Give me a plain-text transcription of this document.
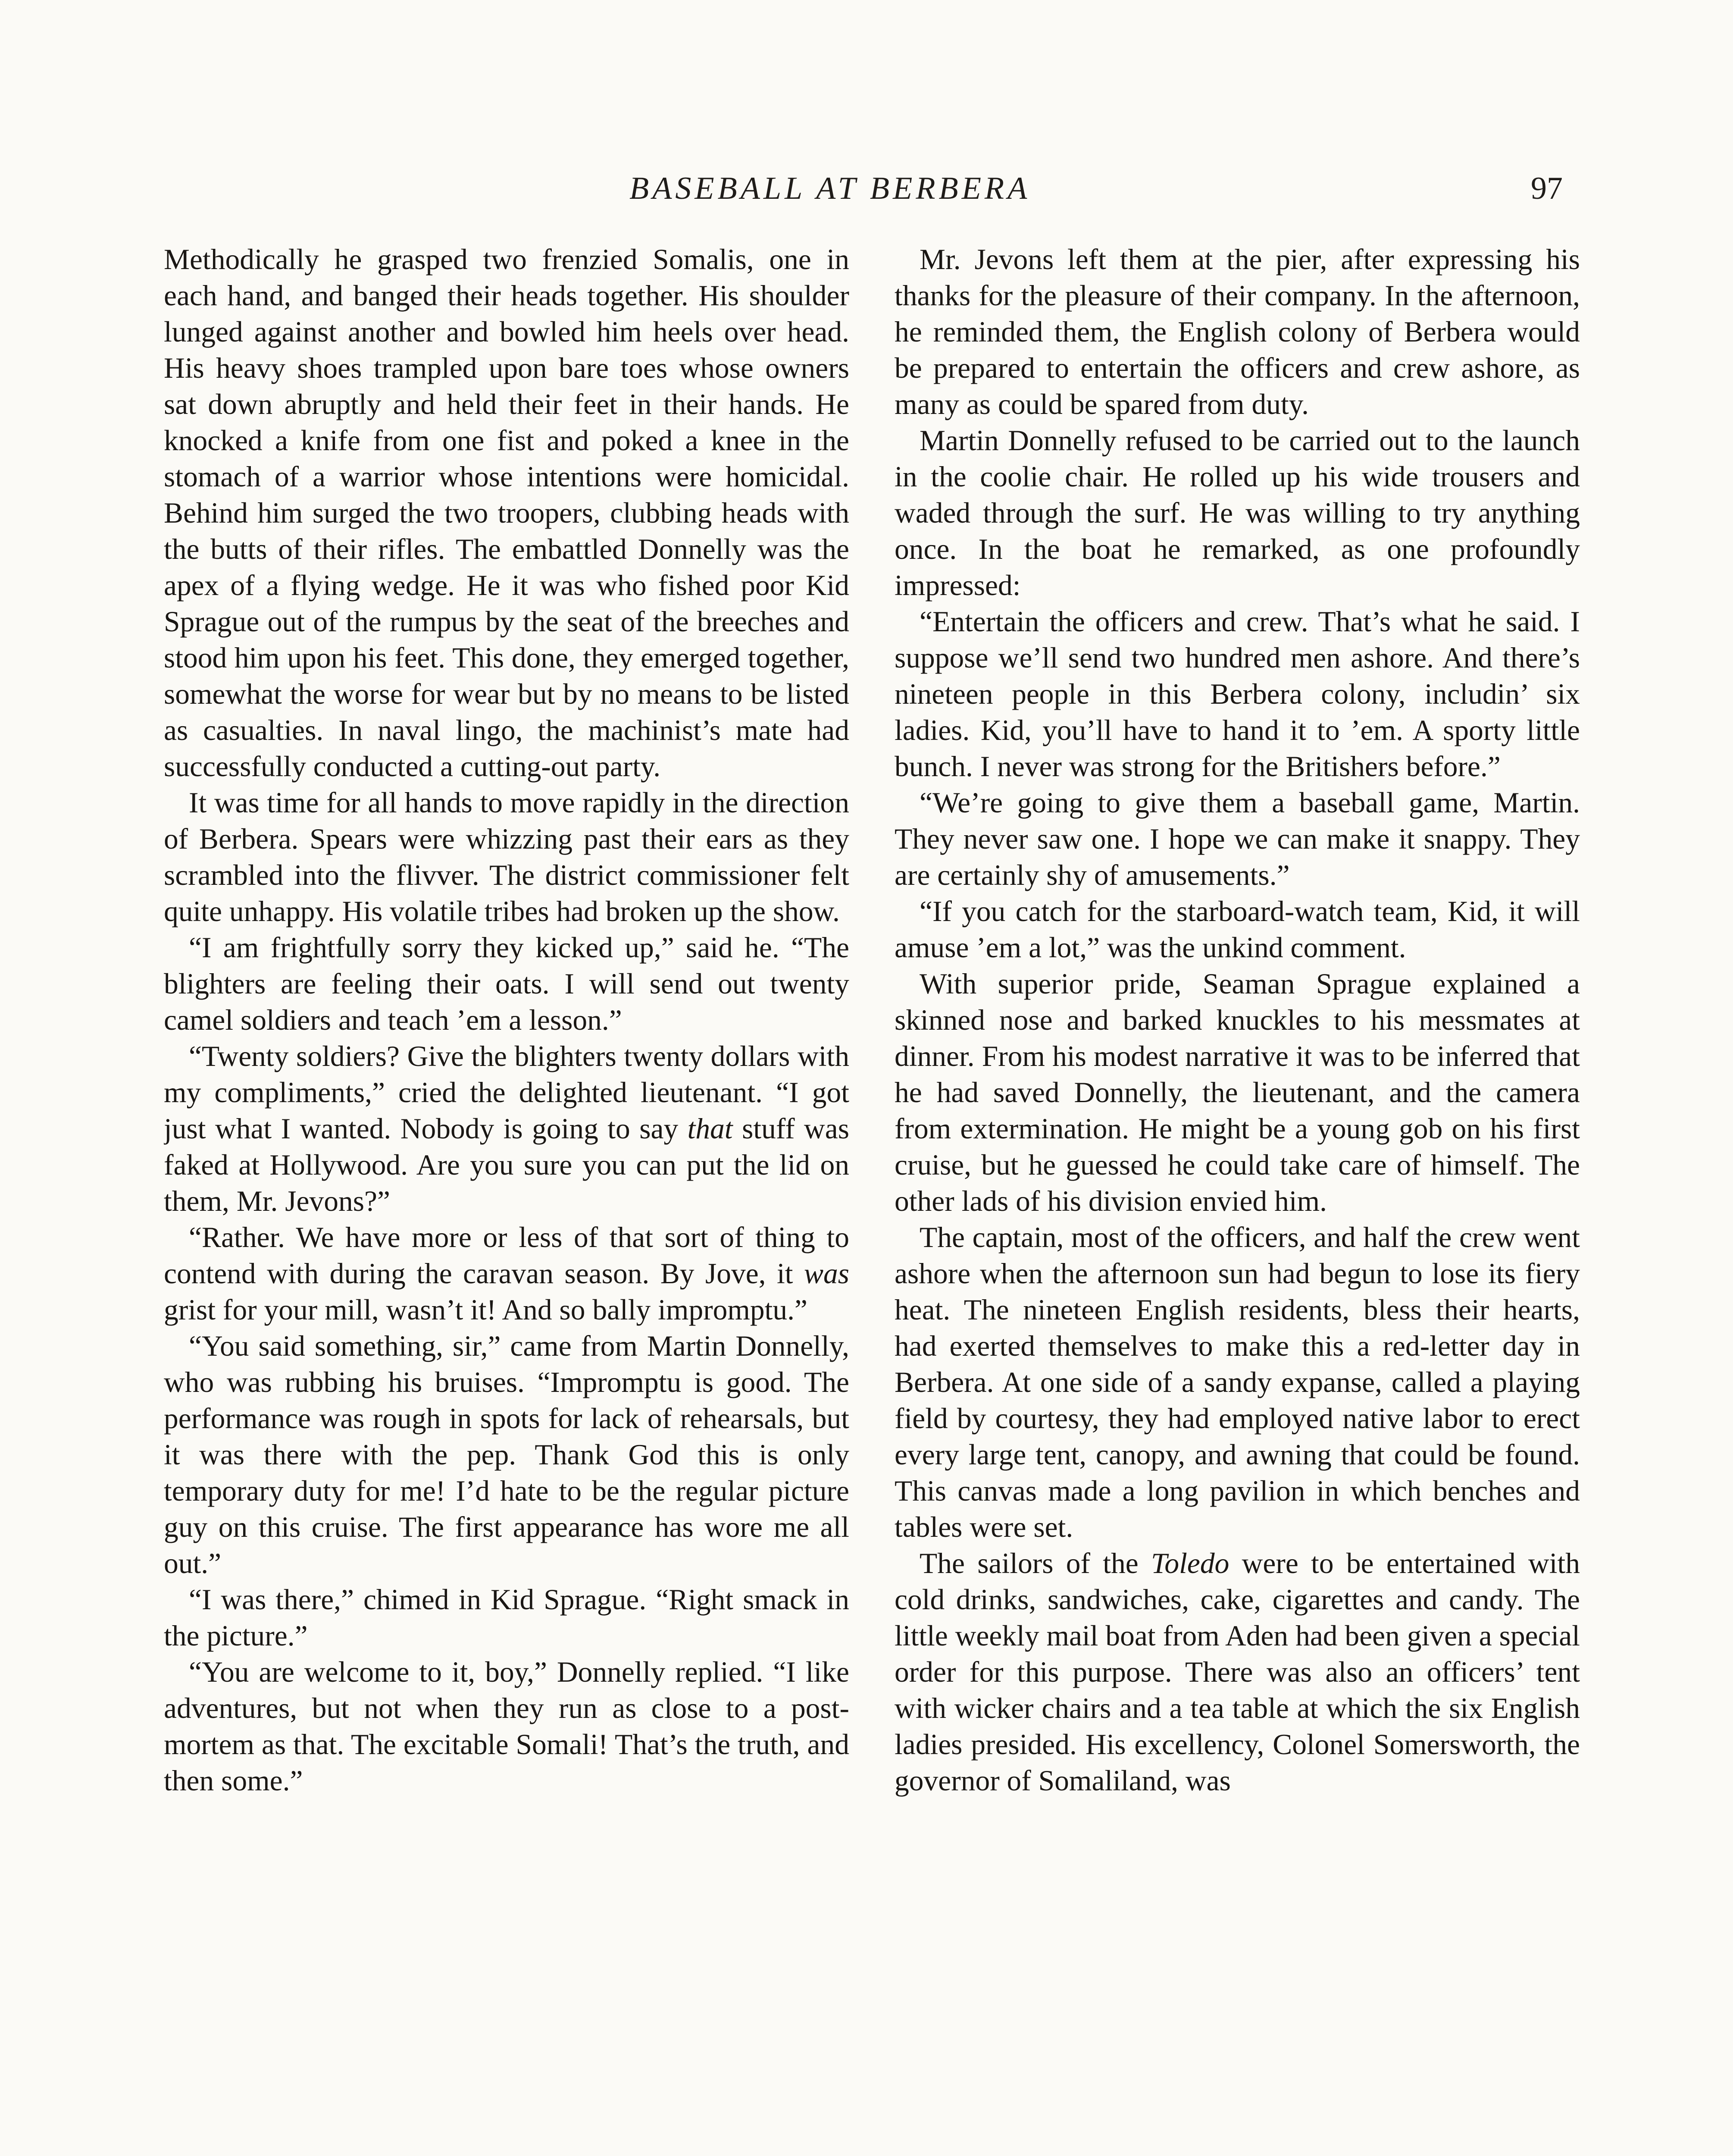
BASEBALL AT BERBERA	97

Methodically he grasped two frenzied Somalis, one in each hand, and banged their heads together. His shoulder lunged against another and bowled him heels over head. His heavy shoes trampled upon bare toes whose owners sat down abruptly and held their feet in their hands. He knocked a knife from one fist and poked a knee in the stomach of a warrior whose intentions were homicidal. Behind him surged the two troopers, clubbing heads with the butts of their rifles. The embattled Donnelly was the apex of a flying wedge. He it was who fished poor Kid Sprague out of the rumpus by the seat of the breeches and stood him upon his feet. This done, they emerged together, somewhat the worse for wear but by no means to be listed as casualties. In naval lingo, the machinist’s mate had successfully conducted a cutting-out party.

It was time for all hands to move rapidly in the direction of Berbera. Spears were whizzing past their ears as they scrambled into the flivver. The district commissioner felt quite unhappy. His volatile tribes had broken up the show.

“I am frightfully sorry they kicked up,” said he. “The blighters are feeling their oats. I will send out twenty camel soldiers and teach ’em a lesson.”

“Twenty soldiers? Give the blighters twenty dollars with my compliments,” cried the delighted lieutenant. “I got just what I wanted. Nobody is going to say that stuff was faked at Hollywood. Are you sure you can put the lid on them, Mr. Jevons?”

“Rather. We have more or less of that sort of thing to contend with during the caravan season. By Jove, it was grist for your mill, wasn’t it! And so bally impromptu.”

“You said something, sir,” came from Martin Donnelly, who was rubbing his bruises. “Impromptu is good. The performance was rough in spots for lack of rehearsals, but it was there with the pep. Thank God this is only temporary duty for me! I’d hate to be the regular picture guy on this cruise. The first appearance has wore me all out.”

“I was there,” chimed in Kid Sprague. “Right smack in the picture.”

“You are welcome to it, boy,” Donnelly replied. “I like adventures, but not when they run as close to a post-mortem as that. The excitable Somali! That’s the truth, and then some.”

Mr. Jevons left them at the pier, after expressing his thanks for the pleasure of their company. In the afternoon, he reminded them, the English colony of Berbera would be prepared to entertain the officers and crew ashore, as many as could be spared from duty.

Martin Donnelly refused to be carried out to the launch in the coolie chair. He rolled up his wide trousers and waded through the surf. He was willing to try anything once. In the boat he remarked, as one profoundly impressed:

“Entertain the officers and crew. That’s what he said. I suppose we’ll send two hundred men ashore. And there’s nineteen people in this Berbera colony, includin’ six ladies. Kid, you’ll have to hand it to ’em. A sporty little bunch. I never was strong for the Britishers before.”

“We’re going to give them a baseball game, Martin. They never saw one. I hope we can make it snappy. They are certainly shy of amusements.”

“If you catch for the starboard-watch team, Kid, it will amuse ’em a lot,” was the unkind comment.

With superior pride, Seaman Sprague explained a skinned nose and barked knuckles to his messmates at dinner. From his modest narrative it was to be inferred that he had saved Donnelly, the lieutenant, and the camera from extermination. He might be a young gob on his first cruise, but he guessed he could take care of himself. The other lads of his division envied him.

The captain, most of the officers, and half the crew went ashore when the afternoon sun had begun to lose its fiery heat. The nineteen English residents, bless their hearts, had exerted themselves to make this a red-letter day in Berbera. At one side of a sandy expanse, called a playing field by courtesy, they had employed native labor to erect every large tent, canopy, and awning that could be found. This canvas made a long pavilion in which benches and tables were set.

The sailors of the Toledo were to be entertained with cold drinks, sandwiches, cake, cigarettes and candy. The little weekly mail boat from Aden had been given a special order for this purpose. There was also an officers’ tent with wicker chairs and a tea table at which the six English ladies presided. His excellency, Colonel Somersworth, the governor of Somaliland, was
